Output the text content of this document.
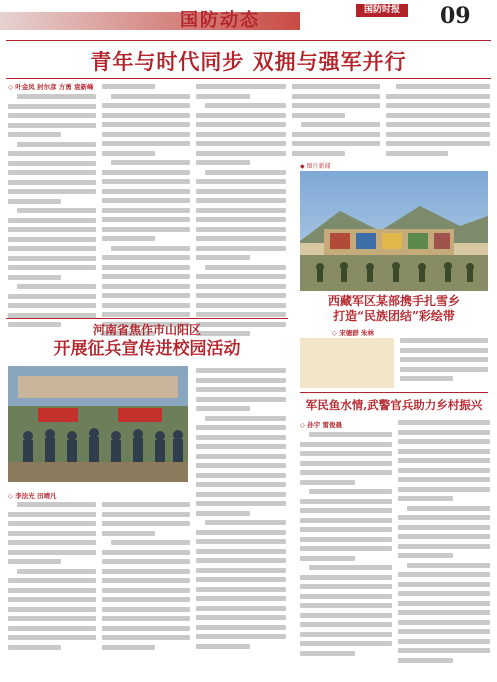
国防动态	国防时报	09
青年与时代同步 双拥与强军并行
◇ 叶金凤 封尔彦 方勇 袁新峰
◆ 图片新闻
西藏军区某部携手扎雪乡
打造“民族团结”彩绘带
◇ 宋德群 朱林
河南省焦作市山阳区
开展征兵宣传进校园活动
◇ 李法光 田靖凡
军民鱼水情,武警官兵助力乡村振兴
◇ 孙宇 雷俊晨
